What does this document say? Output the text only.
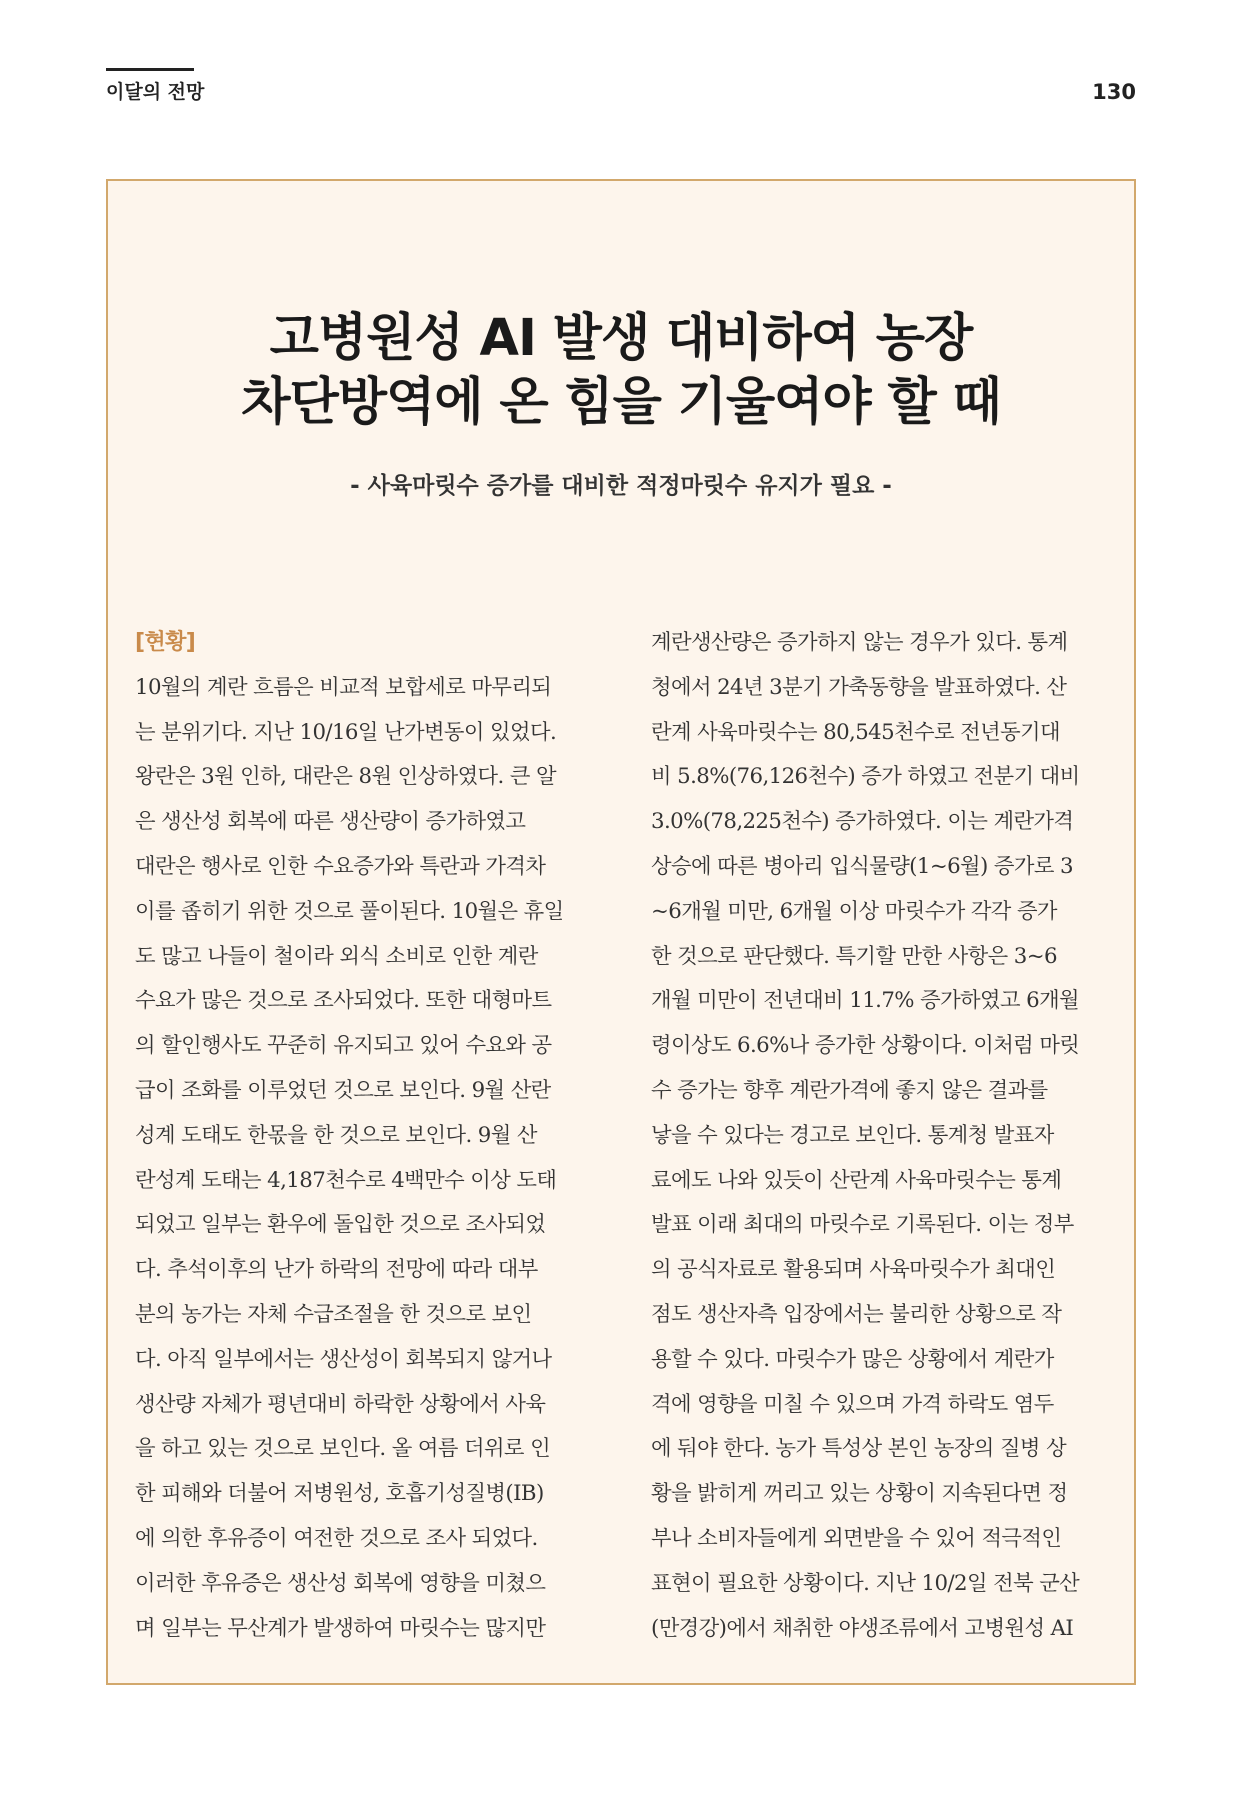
이달의 전망	130
고병원성 AI 발생 대비하여 농장
차단방역에 온 힘을 기울여야 할 때
- 사육마릿수 증가를 대비한 적정마릿수 유지가 필요 -
[현황]
10월의 계란 흐름은 비교적 보합세로 마무리되
는 분위기다. 지난 10/16일 난가변동이 있었다.
왕란은 3원 인하, 대란은 8원 인상하였다. 큰 알
은 생산성 회복에 따른 생산량이 증가하였고
대란은 행사로 인한 수요증가와 특란과 가격차
이를 좁히기 위한 것으로 풀이된다. 10월은 휴일
도 많고 나들이 철이라 외식 소비로 인한 계란
수요가 많은 것으로 조사되었다. 또한 대형마트
의 할인행사도 꾸준히 유지되고 있어 수요와 공
급이 조화를 이루었던 것으로 보인다. 9월 산란
성계 도태도 한몫을 한 것으로 보인다. 9월 산
란성계 도태는 4,187천수로 4백만수 이상 도태
되었고 일부는 환우에 돌입한 것으로 조사되었
다. 추석이후의 난가 하락의 전망에 따라 대부
분의 농가는 자체 수급조절을 한 것으로 보인
다. 아직 일부에서는 생산성이 회복되지 않거나
생산량 자체가 평년대비 하락한 상황에서 사육
을 하고 있는 것으로 보인다. 올 여름 더위로 인
한 피해와 더불어 저병원성, 호흡기성질병(IB)
에 의한 후유증이 여전한 것으로 조사 되었다.
이러한 후유증은 생산성 회복에 영향을 미쳤으
며 일부는 무산계가 발생하여 마릿수는 많지만
계란생산량은 증가하지 않는 경우가 있다. 통계
청에서 24년 3분기 가축동향을 발표하였다. 산
란계 사육마릿수는 80,545천수로 전년동기대
비 5.8%(76,126천수) 증가 하였고 전분기 대비
3.0%(78,225천수) 증가하였다. 이는 계란가격
상승에 따른 병아리 입식물량(1~6월) 증가로 3
~6개월 미만, 6개월 이상 마릿수가 각각 증가
한 것으로 판단했다. 특기할 만한 사항은 3~6
개월 미만이 전년대비 11.7% 증가하였고 6개월
령이상도 6.6%나 증가한 상황이다. 이처럼 마릿
수 증가는 향후 계란가격에 좋지 않은 결과를
낳을 수 있다는 경고로 보인다. 통계청 발표자
료에도 나와 있듯이 산란계 사육마릿수는 통계
발표 이래 최대의 마릿수로 기록된다. 이는 정부
의 공식자료로 활용되며 사육마릿수가 최대인
점도 생산자측 입장에서는 불리한 상황으로 작
용할 수 있다. 마릿수가 많은 상황에서 계란가
격에 영향을 미칠 수 있으며 가격 하락도 염두
에 둬야 한다. 농가 특성상 본인 농장의 질병 상
황을 밝히게 꺼리고 있는 상황이 지속된다면 정
부나 소비자들에게 외면받을 수 있어 적극적인
표현이 필요한 상황이다. 지난 10/2일 전북 군산
(만경강)에서 채취한 야생조류에서 고병원성 AI
